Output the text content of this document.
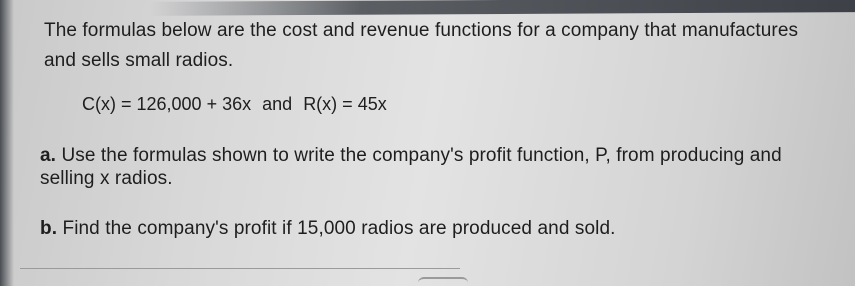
The formulas below are the cost and revenue functions for a company that manufactures
and sells small radios.
C(x) = 126,000 + 36x and R(x) = 45x
a. Use the formulas shown to write the company's profit function, P, from producing and
selling x radios.
b. Find the company's profit if 15,000 radios are produced and sold.
